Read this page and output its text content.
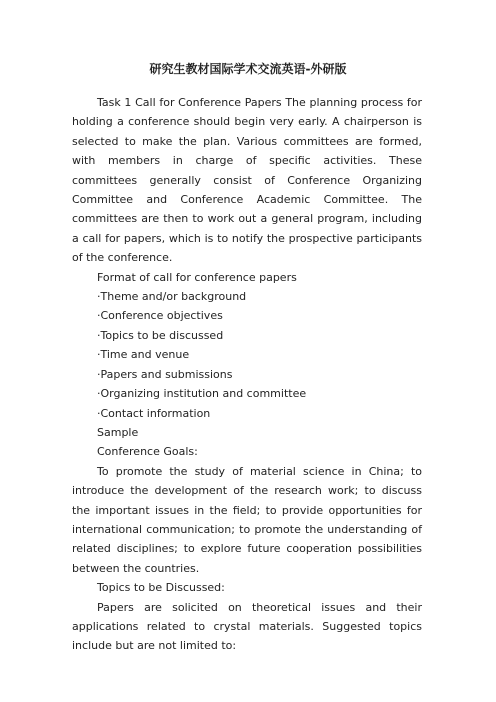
研究生教材国际学术交流英语-外研版

Task 1 Call for Conference Papers The planning process for holding a conference should begin very early. A chairperson is selected to make the plan. Various committees are formed, with members in charge of specific activities. These committees generally consist of Conference Organizing Committee and Conference Academic Committee. The committees are then to work out a general program, including a call for papers, which is to notify the prospective participants of the conference.

Format of call for conference papers

·Theme and/or background

·Conference objectives

·Topics to be discussed

·Time and venue

·Papers and submissions

·Organizing institution and committee

·Contact information

Sample

Conference Goals:

To promote the study of material science in China; to introduce the development of the research work; to discuss the important issues in the field; to provide opportunities for international communication; to promote the understanding of related disciplines; to explore future cooperation possibilities between the countries.

Topics to be Discussed:

Papers are solicited on theoretical issues and their applications related to crystal materials. Suggested topics include but are not limited to:
